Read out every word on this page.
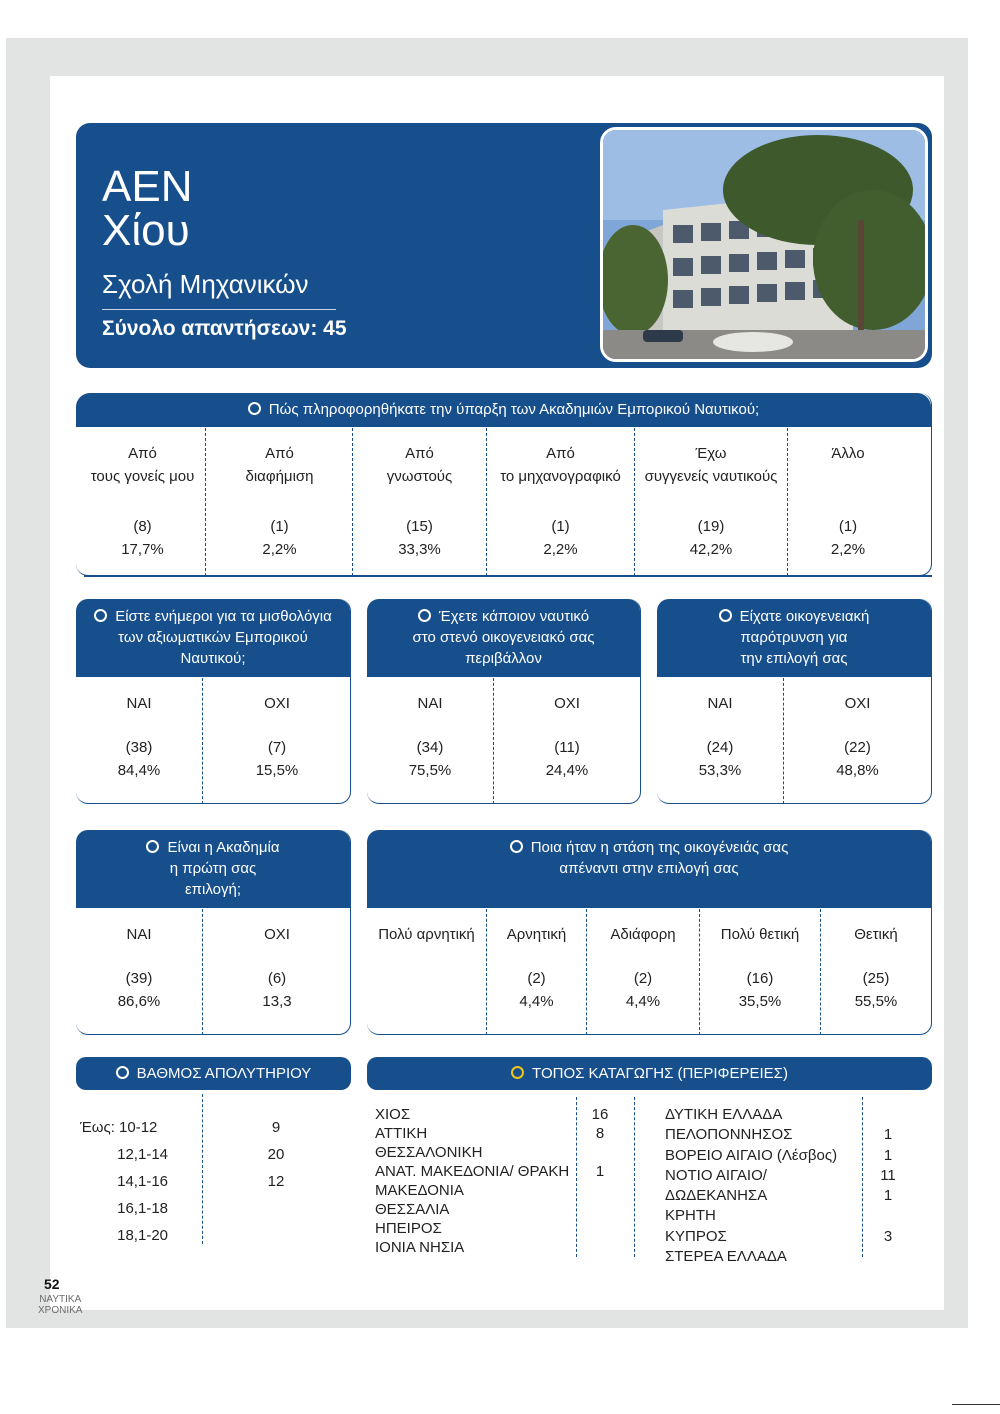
ΑΕΝ
Χίου
Σχολή Μηχανικών
Σύνολο απαντήσεων: 45
Πώς πληροφορηθήκατε την ύπαρξη των Ακαδημιών Εμπορικού Ναυτικού;
Από
τους γονείς μου
(8)
17,7%
Από
διαφήμιση
(1)
2,2%
Από
γνωστούς
(15)
33,3%
Από
το μηχανογραφικό
(1)
2,2%
Έχω
συγγενείς ναυτικούς
(19)
42,2%
Άλλο
(1)
2,2%
Είστε ενήμεροι για τα μισθολόγια
των αξιωματικών Εμπορικού
Ναυτικού;
ΝΑΙ
(38)
84,4%
ΟΧΙ
(7)
15,5%
Έχετε κάποιον ναυτικό
στο στενό οικογενειακό σας
περιβάλλον
ΝΑΙ
(34)
75,5%
ΟΧΙ
(11)
24,4%
Είχατε οικογενειακή
παρότρυνση για
την επιλογή σας
ΝΑΙ
(24)
53,3%
ΟΧΙ
(22)
48,8%
Είναι η Ακαδημία
η πρώτη σας
επιλογή;
ΝΑΙ
(39)
86,6%
ΟΧΙ
(6)
13,3
Ποια ήταν η στάση της οικογένειάς σας
απέναντι στην επιλογή σας
Πολύ αρνητική	Αρνητική
(2)
4,4%
Αδιάφορη
(2)
4,4%
Πολύ θετική
(16)
35,5%
Θετική
(25)
55,5%
ΒΑΘΜΟΣ ΑΠΟΛΥΤΗΡΙΟΥ
Έως: 10-12
12,1-14
14,1-16
16,1-18
18,1-20
9
20
12
ΤΟΠΟΣ ΚΑΤΑΓΩΓΗΣ (ΠΕΡΙΦΕΡΕΙΕΣ)
ΧΙΟΣ
ΑΤΤΙΚΗ
ΘΕΣΣΑΛΟΝΙΚΗ
ΑΝΑΤ. ΜΑΚΕΔΟΝΙΑ/ ΘΡΑΚΗ
ΜΑΚΕΔΟΝΙΑ
ΘΕΣΣΑΛΙΑ
ΗΠΕΙΡΟΣ
ΙΟΝΙΑ ΝΗΣΙΑ
16
8
1
ΔΥΤΙΚΗ ΕΛΛΑΔΑ
ΠΕΛΟΠΟΝΝΗΣΟΣ
ΒΟΡΕΙΟ ΑΙΓΑΙΟ (Λέσβος)
ΝΟΤΙΟ ΑΙΓΑΙΟ/ ΔΩΔΕΚΑΝΗΣΑ
ΚΡΗΤΗ
ΚΥΠΡΟΣ
ΣΤΕΡΕΑ ΕΛΛΑΔΑ
1
1
11
1
3
52
ΝΑΥΤΙΚΑ
ΧΡΟΝΙΚΑ
